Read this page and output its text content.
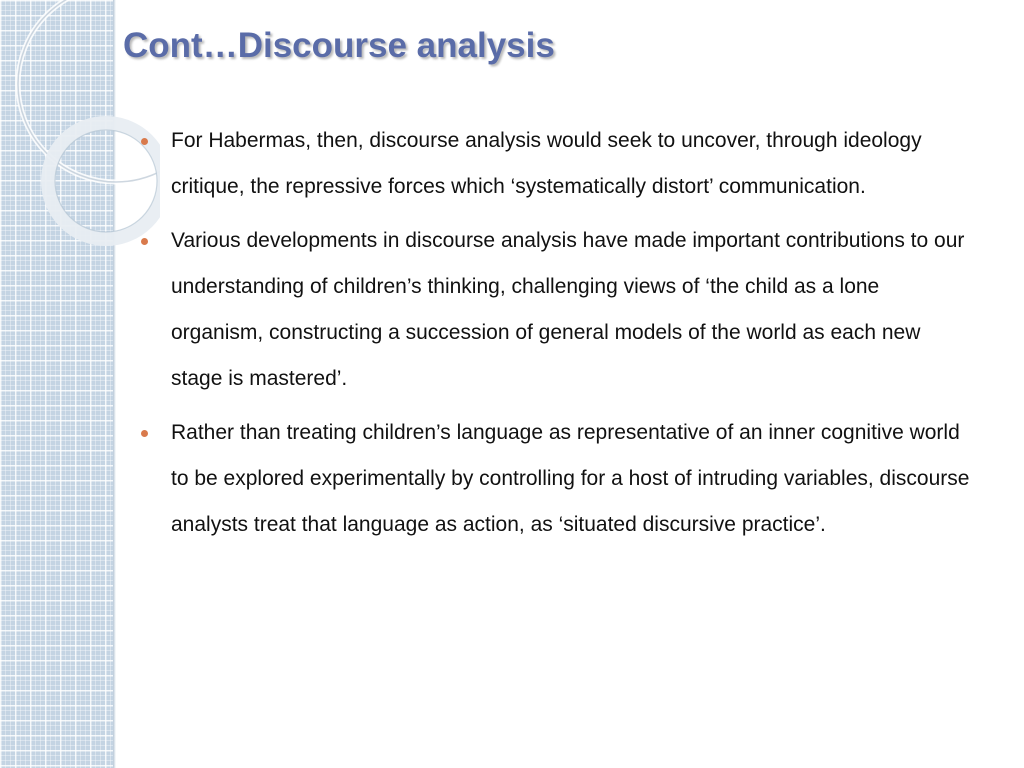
Cont…Discourse analysis
For Habermas, then, discourse analysis would seek to uncover, through ideology critique, the repressive forces which ‘systematically distort’ communication.
Various developments in discourse analysis have made important contributions to our understanding of children’s thinking, challenging views of ‘the child as a lone organism, constructing a succession of general models of the world as each new stage is mastered’.
Rather than treating children’s language as representative of an inner cognitive world to be explored experimentally by controlling for a host of intruding variables, discourse analysts treat that language as action, as ‘situated discursive practice’.
